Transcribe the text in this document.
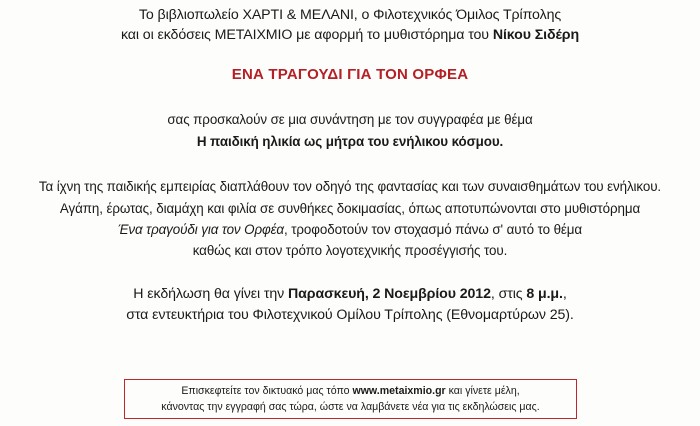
Το βιβλιοπωλείο ΧΑΡΤΙ & ΜΕΛΑΝΙ, ο Φιλοτεχνικός Όμιλος Τρίπολης
και οι εκδόσεις ΜΕΤΑΙΧΜΙΟ με αφορμή το μυθιστόρημα του Νίκου Σιδέρη
ΕΝΑ ΤΡΑΓΟΥΔΙ ΓΙΑ ΤΟΝ ΟΡΦΕΑ
σας προσκαλούν σε μια συνάντηση με τον συγγραφέα με θέμα
Η παιδική ηλικία ως μήτρα του ενήλικου κόσμου.
Τα ίχνη της παιδικής εμπειρίας διαπλάθουν τον οδηγό της φαντασίας και των συναισθημάτων του ενήλικου.
Αγάπη, έρωτας, διαμάχη και φιλία σε συνθήκες δοκιμασίας, όπως αποτυπώνονται στο μυθιστόρημα
Ένα τραγούδι για τον Ορφέα, τροφοδοτούν τον στοχασμό πάνω σ' αυτό το θέμα
καθώς και στον τρόπο λογοτεχνικής προσέγγισής του.
Η εκδήλωση θα γίνει την Παρασκευή, 2 Νοεμβρίου 2012, στις 8 μ.μ.,
στα εντευκτήρια του Φιλοτεχνικού Ομίλου Τρίπολης (Εθνομαρτύρων 25).
Επισκεφτείτε τον δικτυακό μας τόπο www.metaixmio.gr και γίνετε μέλη,
κάνοντας την εγγραφή σας τώρα, ώστε να λαμβάνετε νέα για τις εκδηλώσεις μας.
